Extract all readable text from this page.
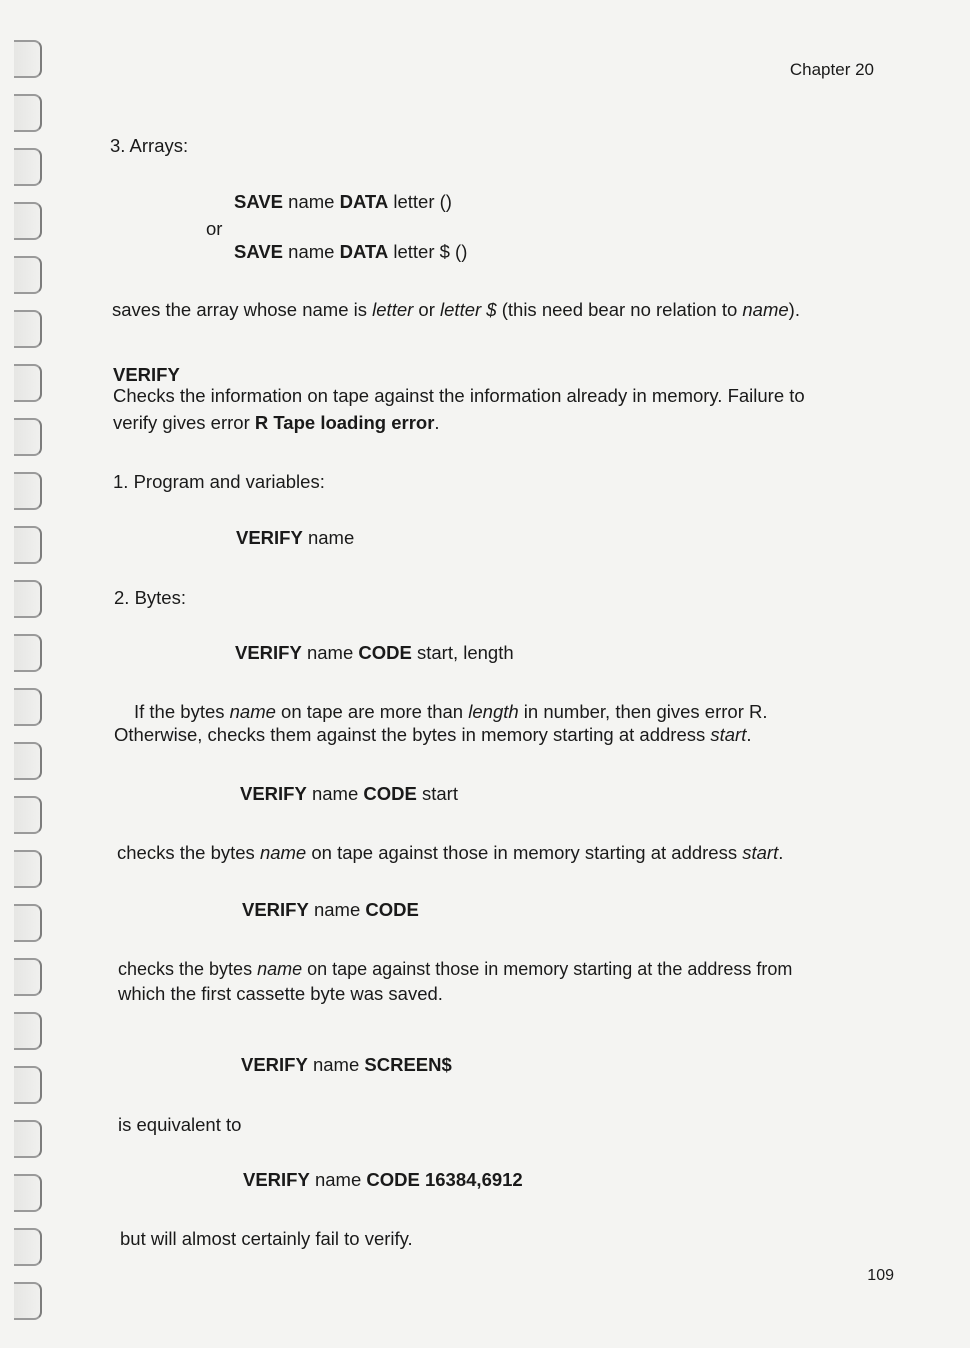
Chapter 20
3. Arrays:
SAVE name DATA letter ()
or
SAVE name DATA letter $ ()
saves the array whose name is letter or letter $ (this need bear no relation to name).
VERIFY
Checks the information on tape against the information already in memory. Failure to
verify gives error R Tape loading error.
1. Program and variables:
VERIFY name
2. Bytes:
VERIFY name CODE start, length
If the bytes name on tape are more than length in number, then gives error R.
Otherwise, checks them against the bytes in memory starting at address start.
VERIFY name CODE start
checks the bytes name on tape against those in memory starting at address start.
VERIFY name CODE
checks the bytes name on tape against those in memory starting at the address from
which the first cassette byte was saved.
VERIFY name SCREEN$
is equivalent to
VERIFY name CODE 16384,6912
but will almost certainly fail to verify.
109
